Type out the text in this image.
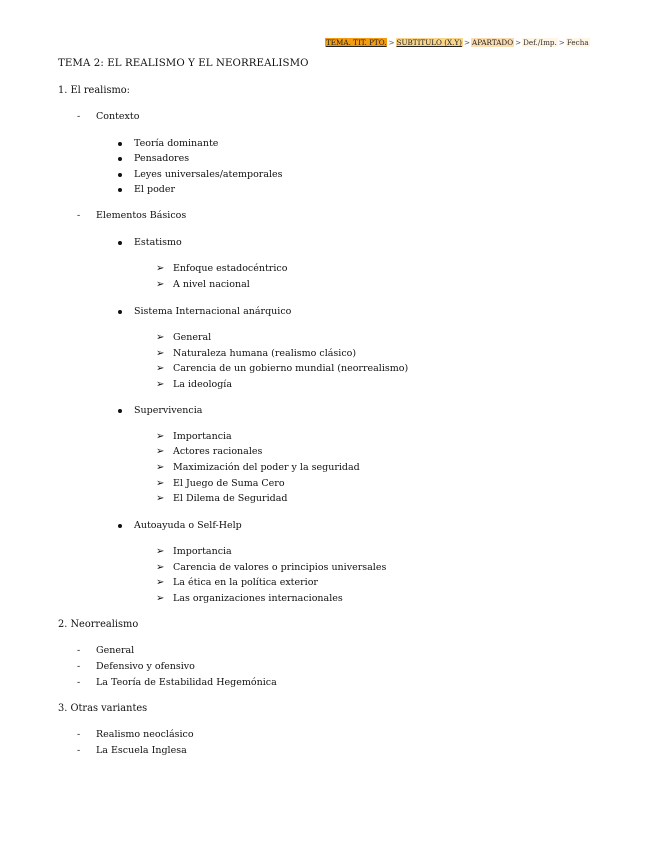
TEMA. TIT. PTO. > SUBTITULO (X.Y) > APARTADO > Def./Imp. > Fecha
TEMA 2: EL REALISMO Y EL NEORREALISMO
1. El realismo:
- Contexto
Teoría dominante
Pensadores
Leyes universales/atemporales
El poder
- Elementos Básicos
Estatismo
➢ Enfoque estadocéntrico
➢ A nivel nacional
Sistema Internacional anárquico
➢ General
➢ Naturaleza humana (realismo clásico)
➢ Carencia de un gobierno mundial (neorrealismo)
➢ La ideología
Supervivencia
➢ Importancia
➢ Actores racionales
➢ Maximización del poder y la seguridad
➢ El Juego de Suma Cero
➢ El Dilema de Seguridad
Autoayuda o Self-Help
➢ Importancia
➢ Carencia de valores o principios universales
➢ La ética en la política exterior
➢ Las organizaciones internacionales
2. Neorrealismo
- General
- Defensivo y ofensivo
- La Teoría de Estabilidad Hegemónica
3. Otras variantes
- Realismo neoclásico
- La Escuela Inglesa
